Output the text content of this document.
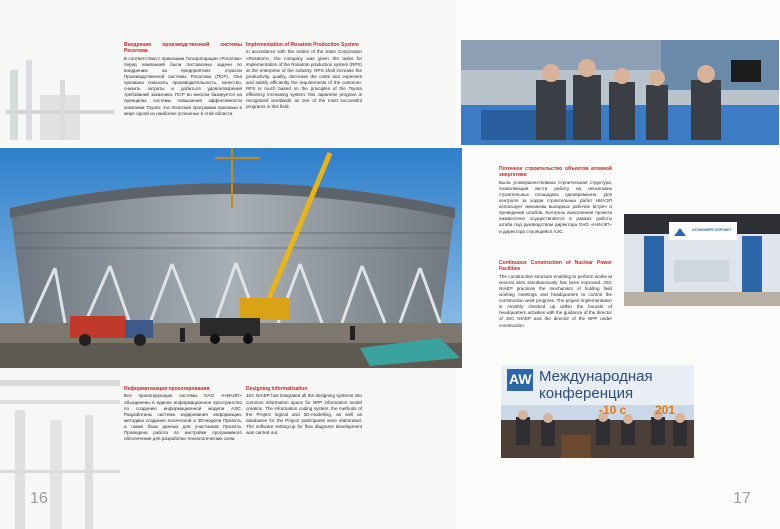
Внедрение производственной системы Росатома
В соответствии с приказами Госкорпорации «Росатом» перед компанией были поставлены задачи по внедрению на предприятиях отрасли Производственной системы Росатома (ПСР). Она призвана повысить производительность, качество, снизить затраты и добиться удовлетворения требований заказчика. ПСР во многом базируется на принципах системы повышения эффективности компании Toyota: эта японская программа признана в мире одной из наиболее успешных в этой области.
Implementation of Rosatom Production System
In accordance with the orders of the State Corporation «Rosatom», the company was given the tasks for implementation of the Rosatom production system (RPS) at the enterprise of the industry. RPS shall increase the productivity, quality, decrease the costs and expenses and satisfy efficiently the requirements of the customer. RPS is much based on the principles of the Toyota efficiency increasing system: this Japanese program is recognized worldwide as one of the most successful programs in this field.
Информатизация проектирования
Все проектирующие системы ОАО «НИАЭП» объединены в единое информационное пространство по созданию информационной модели АЭС. Разработаны система кодирования информации, методика создания логической и 3D-модели Проекта, а также базы данных для участников Проекта. Проведена работа по настройке программного обеспечения для разработки технологических схем.
Designing Informatization
JSC NIAEP has integrated all the designing systems into common information space for NPP information model creation. The information coding system, the methods of the Project logical and 3D-modelling, as well as databases for the Project participants were elaborated. The software setting-up for flow diagrams development was carried out.
16
Поточное строительство объектов атомной энергетики
Была усовершенствована строительная структура, позволяющая вести работу на нескольких строительных площадках одновременно. Для контроля за ходом строительных работ НИАЭП использует механизм выездных рабочих встреч и проведения штабов. Контроль выполнения проекта ежемесячно осуществляется в рамках работы штаба под руководством директора ОАО «НИАЭП» и директора строящейся АЭС.
Continuous Construction of Nuclear Power Facilities
The construction structure enabling to perform works at several sites simultaneously has been improved. JSC NIAEP practices the mechanism of holding field working meetings and headquarters to control the construction work progress. The project implementation is monthly checked up within the bounds of headquarters activities with the guidance of the director of JSC NIAEP and the director of the NPP under construction.
17
АТОМЭНЕРГОПРОЕКТ
AW Международная
конференция
-10 с 201
